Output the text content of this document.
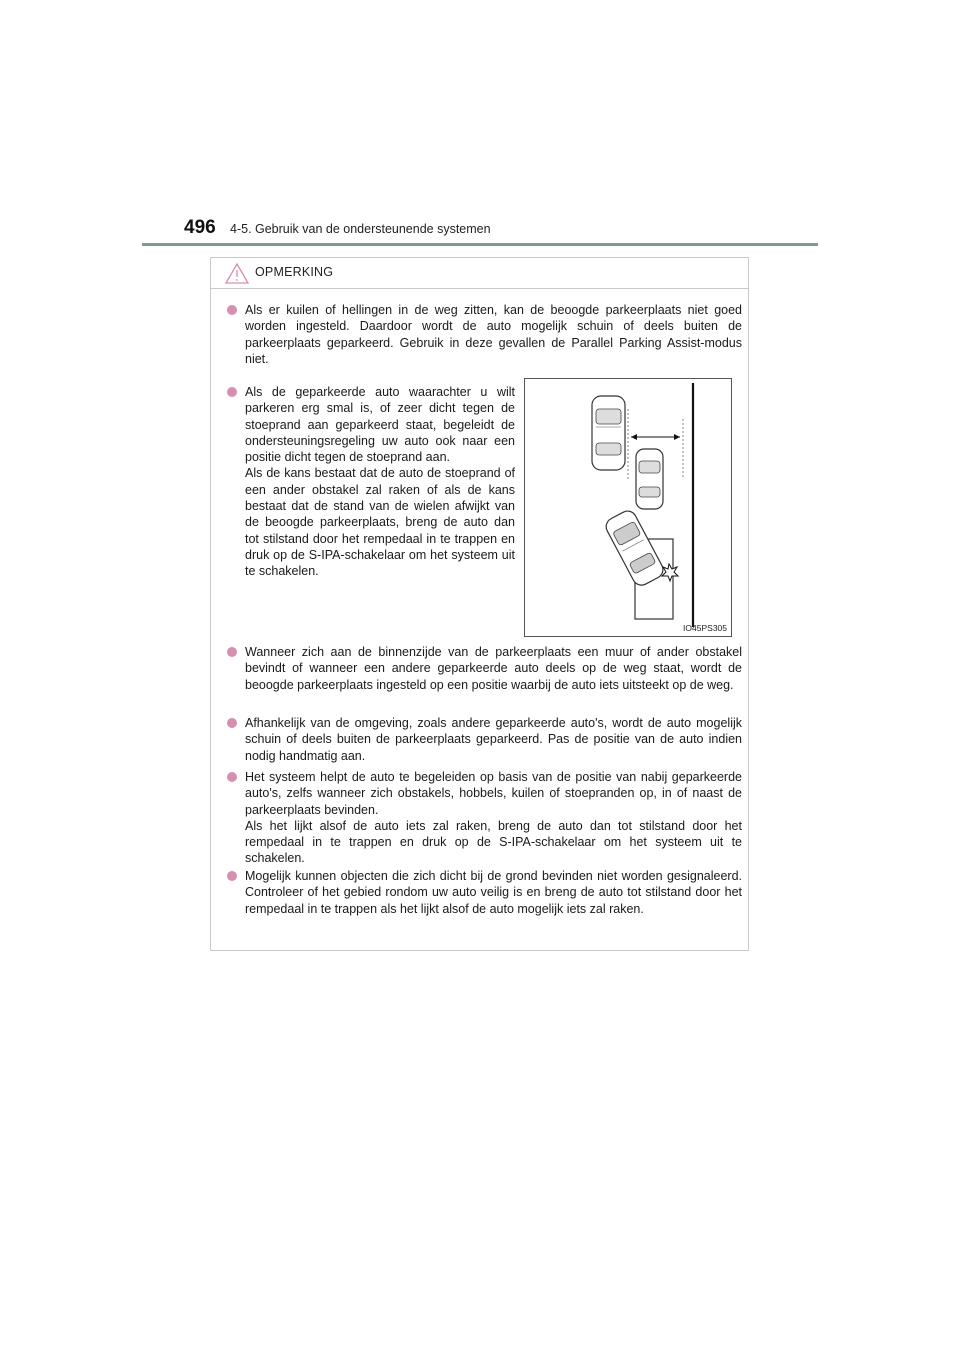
496 4-5. Gebruik van de ondersteunende systemen
OPMERKING
Als er kuilen of hellingen in de weg zitten, kan de beoogde parkeerplaats niet goed worden ingesteld. Daardoor wordt de auto mogelijk schuin of deels buiten de parkeerplaats geparkeerd. Gebruik in deze gevallen de Parallel Parking Assist-modus niet.
Als de geparkeerde auto waarachter u wilt parkeren erg smal is, of zeer dicht tegen de stoeprand aan geparkeerd staat, begeleidt de ondersteuningsregeling uw auto ook naar een positie dicht tegen de stoeprand aan.
Als de kans bestaat dat de auto de stoeprand of een ander obstakel zal raken of als de kans bestaat dat de stand van de wielen afwijkt van de beoogde parkeerplaats, breng de auto dan tot stilstand door het rempedaal in te trappen en druk op de S-IPA-schakelaar om het systeem uit te schakelen.
IO45PS305
Wanneer zich aan de binnenzijde van de parkeerplaats een muur of ander obstakel bevindt of wanneer een andere geparkeerde auto deels op de weg staat, wordt de beoogde parkeerplaats ingesteld op een positie waarbij de auto iets uitsteekt op de weg.
Afhankelijk van de omgeving, zoals andere geparkeerde auto's, wordt de auto mogelijk schuin of deels buiten de parkeerplaats geparkeerd. Pas de positie van de auto indien nodig handmatig aan.
Het systeem helpt de auto te begeleiden op basis van de positie van nabij geparkeerde auto's, zelfs wanneer zich obstakels, hobbels, kuilen of stoepranden op, in of naast de parkeerplaats bevinden.
Als het lijkt alsof de auto iets zal raken, breng de auto dan tot stilstand door het rempedaal in te trappen en druk op de S-IPA-schakelaar om het systeem uit te schakelen.
Mogelijk kunnen objecten die zich dicht bij de grond bevinden niet worden gesignaleerd. Controleer of het gebied rondom uw auto veilig is en breng de auto tot stilstand door het rempedaal in te trappen als het lijkt alsof de auto mogelijk iets zal raken.
